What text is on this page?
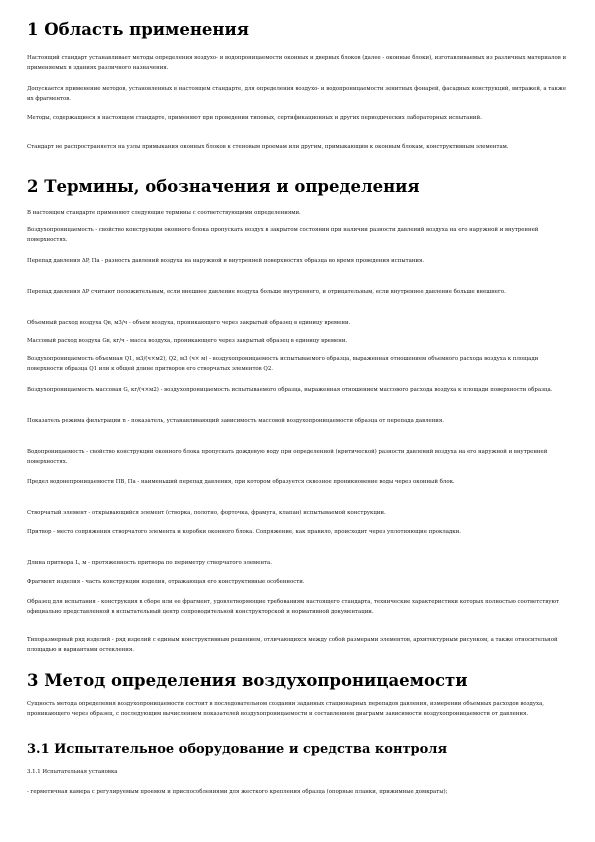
1 Область применения

Настоящий стандарт устанавливает методы определения воздухо- и водопроницаемости оконных и дверных блоков (далее - оконные блоки), изготавливаемых из различных материалов и применяемых в зданиях различного назначения.

Допускается применение методов, установленных в настоящем стандарте, для определения воздухо- и водопроницаемости зенитных фонарей, фасадных конструкций, витражей, а также их фрагментов.

Методы, содержащиеся в настоящем стандарте, применяют при проведении типовых, сертификационных и других периодических лабораторных испытаний.

Стандарт не распространяется на узлы примыкания оконных блоков к стеновым проемам или другим, примыкающим к оконным блокам, конструктивным элементам.

2 Термины, обозначения и определения

В настоящем стандарте применяют следующие термины с соответствующими определениями.

Воздухопроницаемость - свойство конструкции оконного блока пропускать воздух в закрытом состоянии при наличии разности давлений воздуха на его наружной и внутренней поверхностях.

Перепад давления ΔP, Па - разность давлений воздуха на наружной и внутренней поверхностях образца во время проведения испытания.

Перепад давления ΔP считают положительным, если внешнее давление воздуха больше внутреннего, и отрицательным, если внутреннее давление больше внешнего.

Объемный расход воздуха Qв, м3/ч - объем воздуха, проникающего через закрытый образец в единицу времени.

Массовый расход воздуха Gв, кг/ч - масса воздуха, проникающего через закрытый образец в единицу времени.

Воздухопроницаемость объемная Q1, м3/(ч×м2), Q2, м3 (ч× м) - воздухопроницаемость испытываемого образца, выраженная отношением объемного расхода воздуха к площади поверхности образца Q1 или к общей длине притворов его створчатых элементов Q2.

Воздухопроницаемость массовая G, кг/(ч×м2) - воздухопроницаемость испытываемого образца, выраженная отношением массового расхода воздуха к площади поверхности образца.

Показатель режима фильтрации n - показатель, устанавливающий зависимость массовой воздухопроницаемости образца от перепада давления.

Водопроницаемость - свойство конструкции оконного блока пропускать дождевую воду при определенной (критической) разности давлений воздуха на его наружной и внутренней поверхностях.

Предел водонепроницаемости ПВ, Па - наименьший перепад давления, при котором образуется сквозное проникновение воды через оконный блок.

Створчатый элемент - открывающийся элемент (створка, полотно, форточка, фрамуга, клапан) испытываемой конструкции.

Притвор - место сопряжения створчатого элемента и коробки оконного блока. Сопряжение, как правило, происходит через уплотняющие прокладки.

Длина притвора L, м - протяженность притвора по периметру створчатого элемента.

Фрагмент изделия - часть конструкции изделия, отражающая его конструктивные особенности.

Образец для испытания - конструкция в сборе или ее фрагмент, удовлетворяющие требованиям настоящего стандарта, технические характеристики которых полностью соответствуют официально представленной в испытательный центр сопроводительной конструкторской и нормативной документации.

Типоразмерный ряд изделий - ряд изделий с единым конструктивным решением, отличающихся между собой размерами элементов, архитектурным рисунком, а также относительной площадью и вариантами остекления.

3 Метод определения воздухопроницаемости

Сущность метода определения воздухопроницаемости состоит в последовательном создании заданных стационарных перепадов давления, измерении объемных расходов воздуха, проникающего через образец, с последующим вычислением показателей воздухопроницаемости и составлением диаграмм зависимости воздухопроницаемости от давления.

3.1 Испытательное оборудование и средства контроля

3.1.1 Испытательная установка

- герметичная камера с регулируемым проемом и приспособлениями для жесткого крепления образца (опорные планки, прижимные домкраты);
